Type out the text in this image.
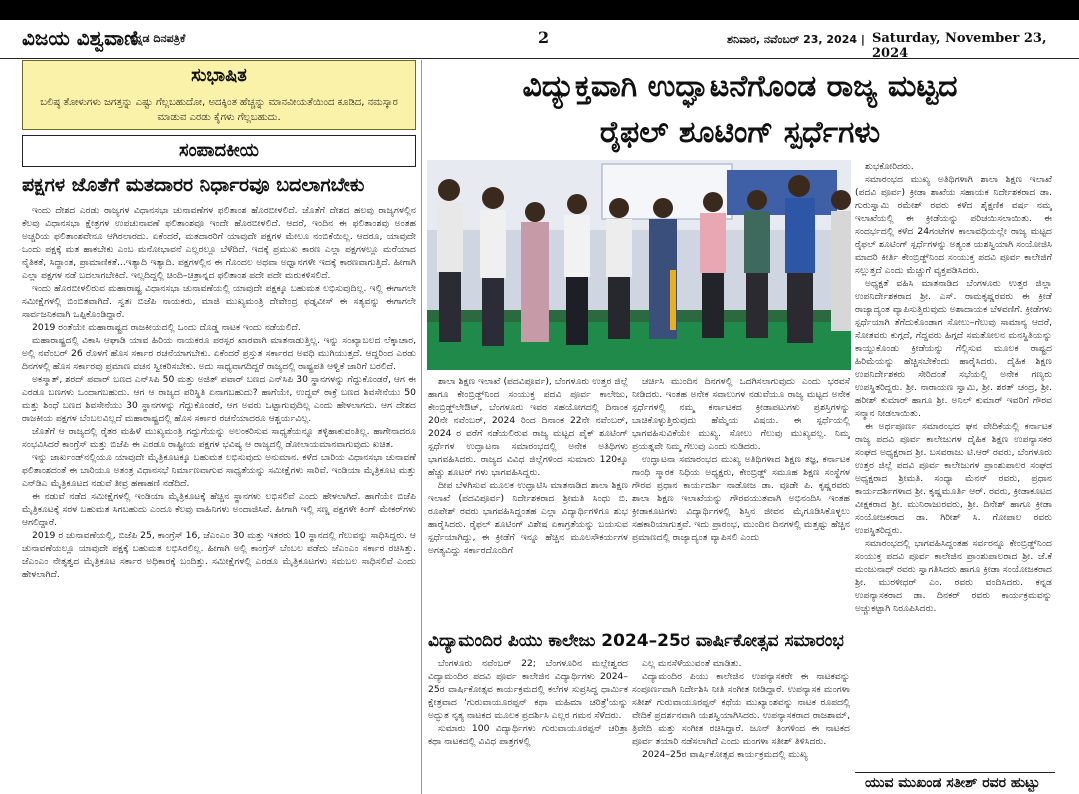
ವಿಜಯ ವಿಶ್ವವಾಣಿ
ಕನ್ನಡ ದಿನಪತ್ರಿಕೆ	2	ಶನಿವಾರ, ನವೆಂಬರ್ 23, 2024 | Saturday, November 23, 2024
ಸುಭಾಷಿತ
ಬಲಿಷ್ಠ ತೋಳುಗಳು ಜಗತ್ತನ್ನು ಎಷ್ಟು ಗೆಲ್ಲಬಹುದೋ, ಅದಕ್ಕಿಂತ ಹೆಚ್ಚನ್ನು ಮಾನವೀಯತೆಯಿಂದ ಕೂಡಿದ, ನಮಸ್ಕಾರ ಮಾಡುವ ಎರಡು ಕೈಗಳು ಗೆಲ್ಲಬಹುದು.
ಸಂಪಾದಕೀಯ
ಪಕ್ಷಗಳ ಜೊತೆಗೆ ಮತದಾರರ ನಿರ್ಧಾರವೂ ಬದಲಾಗಬೇಕು

ಇಂದು ದೇಶದ ಎರಡು ರಾಜ್ಯಗಳ ವಿಧಾನಸಭಾ ಚುನಾವಣೆಗಳ ಫಲಿತಾಂಶ ಹೊರಬೀಳಲಿದೆ. ಜೊತೆಗೆ ದೇಶದ ಹಲವು ರಾಜ್ಯಗಳಲ್ಲಿನ ಕೆಲವು ವಿಧಾನಸಭಾ ಕ್ಷೇತ್ರಗಳ ಉಪಚುನಾವಣೆ ಫಲಿತಾಂಶವೂ ಇಂದೇ ಹೊರಬೀಳಲಿದೆ. ಆದರೆ, ಇಂದಿನ ಈ ಫಲಿತಾಂಶವು ಅಂತಹ ಅಚ್ಚರಿಯ ಫಲಿತಾಂಶವೇನೂ ಆಗಿರಲಾರದು. ಏಕೆಂದರೆ, ಮತದಾರರಿಗೆ ಯಾವುದೇ ಪಕ್ಷಗಳ ಮೇಲೂ ನಂಬಿಕೆಯಿಲ್ಲ. ಆದರೂ, ಯಾವುದೇ ಒಂದು ಪಕ್ಷಕ್ಕೆ ಮತ ಹಾಕಬೇಕು ಎಂಬ ಮನೋಭಾವನೆ ಎಲ್ಲರಲ್ಲೂ ಬೆಳೆದಿದೆ. ಇದಕ್ಕೆ ಪ್ರಮುಖ ಕಾರಣ ಎಲ್ಲಾ ಪಕ್ಷಗಳಲ್ಲೂ ಮರೆಯಾದ ನೈತಿಕತೆ, ಸಿದ್ಧಾಂತ, ಪ್ರಾಮಾಣಿಕತೆ...ಇತ್ಯಾದಿ ಇತ್ಯಾದಿ. ಪಕ್ಷಗಳಲ್ಲಿನ ಈ ಗೊಂದಲ ಅಥವಾ ಅಧ್ವಾನಗಳೇ ಇದಕ್ಕೆ ಕಾರಣವಾಗುತ್ತಿದೆ. ಹೀಗಾಗಿ ಎಲ್ಲಾ ಪಕ್ಷಗಳ ನಡೆ ಬದಲಾಗಬೇಕಿದೆ. ಇಲ್ಲದಿದ್ದಲ್ಲಿ ಚಿಂದಿ–ಚಿತ್ರಾನ್ನದ ಫಲಿತಾಂಶ ಪದೇ ಪದೇ ಮರುಕಳಿಸಲಿದೆ.

ಇಂದು ಹೊರಬೀಳಲಿರುವ ಮಹಾರಾಷ್ಟ್ರ ವಿಧಾನಸಭಾ ಚುನಾವಣೆಯಲ್ಲಿ ಯಾವುದೇ ಪಕ್ಷಕ್ಕೂ ಬಹುಮತ ಲಭಿಸುವುದಿಲ್ಲ. ಇಲ್ಲಿ ಈಗಾಗಲೇ ಸಮೀಕ್ಷೆಗಳಲ್ಲಿ ಬಿಂಬಿತವಾಗಿದೆ. ಸ್ವತಃ ಬಿಜೆಪಿ ನಾಯಕರು, ಮಾಜಿ ಮುಖ್ಯಮಂತ್ರಿ ದೇವೇಂದ್ರ ಫಡ್ನವೀಸ್ ಈ ಸತ್ಯವನ್ನು ಈಗಾಗಲೇ ಸಾರ್ವಜನಿಕವಾಗಿ ಒಪ್ಪಿಕೊಂಡಿದ್ದಾರೆ.

2019 ರಂತೆಯೇ ಮಹಾರಾಷ್ಟ್ರದ ರಾಜಕೀಯದಲ್ಲಿ ಒಂದು ದೊಡ್ಡ ನಾಟಕ ಇಂದು ನಡೆಯಲಿದೆ.

ಮಹಾರಾಷ್ಟ್ರದಲ್ಲಿ ವಿಕಾಸಿ ಆಘಾಡಿ ಯಾವ ಹಿರಿಯ ನಾಯಕರೂ ಪರಸ್ಪರ ಖಾರವಾಗಿ ಮಾತನಾಡುತ್ತಿಲ್ಲ. ಇನ್ನು ಸಂಖ್ಯಾಬಲದ ಲೆಕ್ಕಾಚಾರ, ಅಲ್ಲಿ ನವೆಂಬರ್ 26 ರೊಳಗೆ ಹೊಸ ಸರ್ಕಾರ ರಚನೆಯಾಗಬೇಕು. ಏಕೆಂದರೆ ಪ್ರಸ್ತುತ ಸರ್ಕಾರದ ಅವಧಿ ಮುಗಿಯುತ್ತದೆ. ಆದ್ದರಿಂದ ಎರಡು ದಿನಗಳಲ್ಲಿ ಹೊಸ ಸರ್ಕಾರವು ಪ್ರಮಾಣ ವಚನ ಸ್ವೀಕರಿಸಬೇಕು. ಅದು ಸಾಧ್ಯವಾಗದಿದ್ದರೆ ರಾಜ್ಯದಲ್ಲಿ ರಾಷ್ಟ್ರಪತಿ ಆಳ್ವಿಕೆ ಜಾರಿಗೆ ಬರಲಿದೆ.

ಅಕಸ್ಮಾತ್, ಶರದ್ ಪವಾರ್ ಬಣದ ಎನ್‌ಸಿಪಿ 50 ಮತ್ತು ಅಜಿತ್ ಪವಾರ್ ಬಣದ ಎನ್‌ಸಿಪಿ 30 ಸ್ಥಾನಗಳನ್ನು ಗೆದ್ದುಕೊಂಡರೆ, ಆಗ ಈ ಎರಡೂ ಬಣಗಳು ಒಂದಾಗಬಹುದು. ಆಗ ಆ ರಾಜ್ಯದ ಪರಿಸ್ಥಿತಿ ಏನಾಗಬಹುದು? ಹಾಗೆಯೇ, ಉದ್ಧವ್ ಠಾಕ್ರೆ ಬಣದ ಶಿವಸೇನೆಯು 50 ಮತ್ತು ಶಿಂಧೆ ಬಣದ ಶಿವಸೇನೆಯು 30 ಸ್ಥಾನಗಳನ್ನು ಗೆದ್ದುಕೊಂಡರೆ, ಆಗ ಅವರು ಒಟ್ಟಾಗುವುದಿಲ್ಲ ಎಂದು ಹೇಳಲಾಗದು. ಆಗ ದೇಶದ ರಾಜಕೀಯ ಪಕ್ಷಗಳ ಬೆಂಬಲವಿಲ್ಲದೆ ಮಹಾರಾಷ್ಟ್ರದಲ್ಲಿ ಹೊಸ ಸರ್ಕಾರ ರಚನೆಯಾದರೂ ಆಶ್ಚರ್ಯವಿಲ್ಲ.

ಜೊತೆಗೆ ಆ ರಾಜ್ಯದಲ್ಲಿ ರೈತರ ಮಹಿಳೆ ಮುಖ್ಯಮಂತ್ರಿ ಗದ್ದುಗೆಯನ್ನು ಅಲಂಕರಿಸುವ ಸಾಧ್ಯತೆಯನ್ನೂ ತಳ್ಳಿಹಾಕುವಂತಿಲ್ಲ. ಹಾಗೇನಾದರೂ ಸಂಭವಿಸಿದರೆ ಕಾಂಗ್ರೆಸ್ ಮತ್ತು ಬಿಜೆಪಿ ಈ ಎರಡೂ ರಾಷ್ಟ್ರೀಯ ಪಕ್ಷಗಳ ಭವಿಷ್ಯ ಆ ರಾಜ್ಯದಲ್ಲಿ ಡೋಲಾಯಮಾನವಾಗುವುದು ಖಚಿತ.

ಇನ್ನು ಜಾರ್ಖಂಡ್‌ನಲ್ಲಿಯೂ ಯಾವುದೇ ಮೈತ್ರಿಕೂಟಕ್ಕೂ ಬಹುಮತ ಲಭಿಸುವುದು ಅನುಮಾನ. ಕಳೆದ ಬಾರಿಯ ವಿಧಾನಸಭಾ ಚುನಾವಣೆ ಫಲಿತಾಂಶದಂತೆ ಈ ಬಾರಿಯೂ ಅತಂತ್ರ ವಿಧಾನಸಭೆ ನಿರ್ಮಾಣವಾಗುವ ಸಾಧ್ಯತೆಯನ್ನು ಸಮೀಕ್ಷೆಗಳು ಸಾರಿವೆ. ಇಂಡಿಯಾ ಮೈತ್ರಿಕೂಟ ಮತ್ತು ಎನ್‌ಡಿಎ ಮೈತ್ರಿಕೂಟದ ನಡುವೆ ತೀವ್ರ ಹಣಾಹಣಿ ನಡೆದಿದೆ.

ಈ ನಡುವೆ ನಡೆದ ಸಮೀಕ್ಷೆಗಳಲ್ಲಿ ಇಂಡಿಯಾ ಮೈತ್ರಿಕೂಟಕ್ಕೆ ಹೆಚ್ಚಿನ ಸ್ಥಾನಗಳು ಲಭಿಸಲಿವೆ ಎಂದು ಹೇಳಲಾಗಿದೆ. ಹಾಗೆಯೇ ಬಿಜೆಪಿ ಮೈತ್ರಿಕೂಟಕ್ಕೆ ಸರಳ ಬಹುಮತ ಸಿಗಬಹುದು ಎಂದೂ ಕೆಲವು ವಾಹಿನಿಗಳು ಅಂದಾಜಿಸಿವೆ. ಹೀಗಾಗಿ ಇಲ್ಲಿ ಸಣ್ಣ ಪಕ್ಷಗಳೇ ಕಿಂಗ್ ಮೇಕರ್‌ಗಳು ಆಗಲಿದ್ದಾರೆ.

2019 ರ ಚುನಾವಣೆಯಲ್ಲಿ, ಬಿಜೆಪಿ 25, ಕಾಂಗ್ರೆಸ್ 16, ಜೆಎಂಎಂ 30 ಮತ್ತು ಇತರರು 10 ಸ್ಥಾನದಲ್ಲಿ ಗೆಲುವನ್ನು ಸಾಧಿಸಿದ್ದರು. ಆ ಚುನಾವಣೆಯಲ್ಲೂ ಯಾವುದೇ ಪಕ್ಷಕ್ಕೆ ಬಹುಮತ ಲಭಿಸಿರಲಿಲ್ಲ. ಹೀಗಾಗಿ ಅಲ್ಲಿ ಕಾಂಗ್ರೆಸ್ ಬೆಂಬಲ ಪಡೆದು ಜೆಎಂಎಂ ಸರ್ಕಾರ ರಚಿಸಿತ್ತು. ಜೆಎಂಎಂ ನೇತೃತ್ವದ ಮೈತ್ರಿಕೂಟ ಸರ್ಕಾರ ಅಧಿಕಾರಕ್ಕೆ ಬಂದಿತ್ತು. ಸಮೀಕ್ಷೆಗಳಲ್ಲಿ ಎರಡೂ ಮೈತ್ರಿಕೂಟಗಳು ಸಮಬಲ ಸಾಧಿಸಲಿವೆ ಎಂದು ಹೇಳಲಾಗಿದೆ.

ವಿದ್ಯುಕ್ತವಾಗಿ ಉದ್ಘಾಟನೆಗೊಂಡ ರಾಜ್ಯ ಮಟ್ಟದ
ರೈಫಲ್ ಶೂಟಿಂಗ್ ಸ್ಪರ್ಧೆಗಳು

ಶಾಲಾ ಶಿಕ್ಷಣ ಇಲಾಖೆ (ಪದವಿಪೂರ್ವ), ಬೆಂಗಳೂರು ಉತ್ತರ ಜಿಲ್ಲೆ ಹಾಗೂ ಕೇಂಬ್ರಿಡ್ಜ್‌ನಿಂದ ಸಂಯುಕ್ತ ಪದವಿ ಪೂರ್ವ ಕಾಲೇಜು, ಕೇಂಬ್ರಿಡ್ಜ್‌ಲೇಔಟ್, ಬೆಂಗಳೂರು ಇವರ ಸಹಯೋಗದಲ್ಲಿ ದಿನಾಂಕ 20ನೇ ನವೆಂಬರ್, 2024 ರಿಂದ ದಿನಾಂಕ 22ನೇ ನವೆಂಬರ್, 2024 ರ ವರೆಗೆ ನಡೆಯಲಿರುವ ರಾಜ್ಯ ಮಟ್ಟದ ಪೈಕ್ ಶೂಟಿಂಗ್ ಸ್ಪರ್ಧೆಗಳ ಉದ್ಘಾಟನಾ ಸಮಾರಂಭದಲ್ಲಿ ಅನೇಕ ಅತಿಥಿಗಳು ಭಾಗವಹಿಸಿದರು. ರಾಜ್ಯದ ವಿವಿಧ ಜಿಲ್ಲೆಗಳಿಂದ ಸುಮಾರು 120ಕ್ಕೂ ಹೆಚ್ಚು ಶೂಟರ್ ಗಳು ಭಾಗವಹಿಸಿದ್ದರು.

ದೀಪ ಬೆಳಗಿಸುವ ಮೂಲಕ ಉದ್ಘಾಟಿಸಿ ಮಾತನಾಡಿದ ಶಾಲಾ ಶಿಕ್ಷಣ ಇಲಾಖೆ (ಪದವಿಪೂರ್ವ) ನಿರ್ದೇಶಕರಾದ ಶ್ರೀಮತಿ ಸಿಂಧು ಬಿ. ರೂಪೇಶ್ ರವರು ಭಾಗವಹಿಸಿದ್ದಂತಹ ಎಲ್ಲಾ ವಿದ್ಯಾರ್ಥಿಗಳಿಗೂ ಶುಭ ಹಾರೈಸಿದರು. ರೈಫಲ್ ಶೂಟಿಂಗ್ ವಿಶೇಷ ಏಕಾಗ್ರತೆಯನ್ನು ಬಯಸುವ ಸ್ಪರ್ಧೆಯಾಗಿದ್ದು, ಈ ಕ್ರೀಡೆಗೆ ಇನ್ನೂ ಹೆಚ್ಚಿನ ಮೂಲಸೌಕರ್ಯಗಳ ಅಗತ್ಯವಿದ್ದು ಸರ್ಕಾರದೊಂದಿಗೆ

ಚರ್ಚಿಸಿ ಮುಂದಿನ ದಿನಗಳಲ್ಲಿ ಒದಗಿಸಲಾಗುವುದು ಎಂದು ಭರವಸೆ ನೀಡಿದರು. ಇಂತಹ ಅನೇಕ ಸವಾಲುಗಳ ನಡುವೆಯೂ ರಾಜ್ಯ ಮಟ್ಟದ ಅನೇಕ ಸ್ಪರ್ಧೆಗಳಲ್ಲಿ ನಮ್ಮ ಕರ್ನಾಟಕದ ಕ್ರೀಡಾಪಟುಗಳು ಪ್ರಶಸ್ತಿಗಳನ್ನು ಬಾಚಿಕೊಳ್ಳುತ್ತಿರುವುದು ಹೆಮ್ಮೆಯ ವಿಷಯ. ಈ ಸ್ಪರ್ಧೆಯಲ್ಲಿ ಭಾಗವಹಿಸುವಿಕೆಯೇ ಮುಖ್ಯ. ಸೋಲು ಗೆಲುವು ಮುಖ್ಯವಲ್ಲ. ನಿಮ್ಮ ಪ್ರಯತ್ನವೇ ನಿಮ್ಮ ಗೆಲುವು ಎಂದು ನುಡಿದರು.

ಉದ್ಘಾಟನಾ ಸಮಾರಂಭದ ಮುಖ್ಯ ಅತಿಥಿಗಳಾದ ಶಿಕ್ಷಣ ತಜ್ಞ, ಕರ್ನಾಟಕ ಗಾಂಧಿ ಸ್ಮಾರಕ ನಿಧಿಯ ಅಧ್ಯಕ್ಷರು, ಕೇಂಬ್ರಿಡ್ಜ್ ಸಮೂಹ ಶಿಕ್ಷಣ ಸಂಸ್ಥೆಗಳ ಗೌರವ ಪ್ರಧಾನ ಕಾರ್ಯದರ್ಶಿ ನಾಡೋಜ ಡಾ. ವೂಡೇ ಪಿ. ಕೃಷ್ಣರವರು ಶಾಲಾ ಶಿಕ್ಷಣ ಇಲಾಖೆಯನ್ನು ಗೌರವಯುತವಾಗಿ ಅಭಿನಂದಿಸಿ ಇಂತಹ ಕ್ರೀಡಾಕೂಟಗಳು ವಿದ್ಯಾರ್ಥಿಗಳಲ್ಲಿ ಶಿಸ್ತಿನ ಜೀವನ ಮೈಗೂಡಿಸಿಕೊಳ್ಳಲು ಸಹಕಾರಿಯಾಗುತ್ತವೆ. ಇದು ಪ್ರಾರಂಭ, ಮುಂದಿನ ದಿನಗಳಲ್ಲಿ ಮತ್ತಷ್ಟು ಹೆಚ್ಚಿನ ಪ್ರಮಾಣದಲ್ಲಿ ರಾಜ್ಯಾದ್ಯಂತ ವ್ಯಾಪಿಸಲಿ ಎಂದು

ಶುಭಕೋರಿದರು.

ಸಮಾರಂಭದ ಮುಖ್ಯ ಅತಿಥಿಗಳಾಗಿ ಶಾಲಾ ಶಿಕ್ಷಣ ಇಲಾಖೆ (ಪದವಿ ಪೂರ್ವ) ಕ್ರೀಡಾ ಶಾಖೆಯ ಸಹಾಯಕ ನಿರ್ದೇಶಕರಾದ ಡಾ. ಗುರುಸ್ವಾಮಿ ರಮೇಶ್ ರವರು ಕಳೆದ ಶೈಕ್ಷಣಿಕ ವರ್ಷ ನಮ್ಮ ಇಲಾಖೆಯಲ್ಲಿ ಈ ಕ್ರೀಡೆಯನ್ನು ಪರಿಚಯಿಸಲಾಯಿತು. ಈ ಸಂದರ್ಭದಲ್ಲಿ ಕಳೆದ 24ಗಂಟೆಗಳ ಕಾಲಾವಧಿಯಲ್ಲೇ ರಾಜ್ಯ ಮಟ್ಟದ ರೈಫಲ್ ಶೂಟಿಂಗ್ ಸ್ಪರ್ಧೆಗಳನ್ನು ಅತ್ಯಂತ ಯಶಸ್ವಿಯಾಗಿ ಸಂಯೋಜಿಸಿ ಮಾದರಿ ಕೀರ್ತಿ ಕೇಂಬ್ರಿಡ್ಜ್‌ನಿಂದ ಸಂಯುಕ್ತ ಪದವಿ ಪೂರ್ವ ಕಾಲೇಜಿಗೆ ಸಲ್ಲುತ್ತದೆ ಎಂದು ಮೆಚ್ಚುಗೆ ವ್ಯಕ್ತಪಡಿಸಿದರು.

ಅಧ್ಯಕ್ಷತೆ ವಹಿಸಿ ಮಾತನಾಡಿದ ಬೆಂಗಳೂರು ಉತ್ತರ ಜಿಲ್ಲಾ ಉಪನಿರ್ದೇಶಕರಾದ ಶ್ರೀ. ಎಸ್. ರಾಮಕೃಷ್ಣರವರು ಈ ಕ್ರೀಡೆ ರಾಜ್ಯಾದ್ಯಂತ ವ್ಯಾಪಿಸುತ್ತಿರುವುದು ಅಶಾದಾಯಕ ಬೆಳವಣಿಗೆ. ಕ್ರೀಡೆಗಳು ಸ್ಪರ್ಧೆಯಾಗಿ ತೆಗೆದುಕೊಂಡಾಗ ಸೋಲು–ಗೆಲುವು ಸಾಮಾನ್ಯ ಆದರೆ, ಸೋತವರು ಕುಗ್ಗದೆ, ಗೆದ್ದವರು ಹಿಗ್ಗದೆ ಸಮತೋಲನ ಮನಸ್ಥಿತಿಯನ್ನು ಕಾಯ್ದುಕೊಂಡು ಕ್ರೀಡೆಯನ್ನು ಗೆಲ್ಲಿಸುವ ಮೂಲಕ ರಾಷ್ಟ್ರದ ಹಿರಿಮೆಯನ್ನು ಹೆಚ್ಚಿಸಬೇಕೆಂದು ಹಾರೈಸಿದರು. ದೈಹಿಕ ಶಿಕ್ಷಣ ಉಪನಿರ್ದೇಶಕರು ಸೇರಿದಂತೆ ಸಭೆಯಲ್ಲಿ ಅನೇಕ ಗಣ್ಯರು ಉಪಸ್ಥಿತರಿದ್ದರು. ಶ್ರೀ. ನಾರಾಯಣ ಸ್ವಾಮಿ, ಶ್ರೀ. ಶರತ್ ಚಂದ್ರ, ಶ್ರೀ. ಹರೀಶ್ ಕುಮಾರ್ ಹಾಗೂ ಶ್ರೀ. ಅನಿಲ್ ಕುಮಾರ್ ಇವರಿಗೆ ಗೌರವ ಸನ್ಮಾನ ನೀಡಲಾಯಿತು.

ಈ ಅರ್ಥಪೂರ್ಣ ಸಮಾರಂಭದ ಘನ ವೇದಿಕೆಯಲ್ಲಿ ಕರ್ನಾಟಕ ರಾಜ್ಯ ಪದವಿ ಪೂರ್ವ ಕಾಲೇಜುಗಳ ದೈಹಿಕ ಶಿಕ್ಷಣ ಉಪನ್ಯಾಸಕರ ಸಂಘದ ಅಧ್ಯಕ್ಷರಾದ ಶ್ರೀ. ಬಸವರಾಜು ಟಿ.ಆರ್ ರವರು, ಬೆಂಗಳೂರು ಉತ್ತರ ಜಿಲ್ಲೆ ಪದವಿ ಪೂರ್ವ ಕಾಲೇಜುಗಳ ಪ್ರಾಂಶುಪಾಲರ ಸಂಘದ ಅಧ್ಯಕ್ಷರಾದ ಶ್ರೀಮತಿ. ಸಂಧ್ಯಾ ಮೆನನ್ ರವರು, ಪ್ರಧಾನ ಕಾರ್ಯದರ್ಶಿಗಳಾದ ಶ್ರೀ. ಕೃಷ್ಣಮೂರ್ತಿ ಆರ್. ರವರು, ಕ್ರೀಡಾಕೂಟದ ವೀಕ್ಷಕರಾದ ಶ್ರೀ. ಮುನಿರಾಜುರವರು, ಶ್ರೀ. ದಿನೇಶ್ ಹಾಗೂ ಕ್ರೀಡಾ ಸಂಯೋಜಕರಾದ ಡಾ. ಗಿರೀಶ್ ಸಿ. ಗೋಪಾಲ ರವರು ಉಪಸ್ಥಿತರಿದ್ದರು.

ಸಮಾರಂಭದಲ್ಲಿ ಭಾಗವಹಿಸಿದ್ದಂತಹ ಸರ್ವರನ್ನೂ ಕೇಂಬ್ರಿಡ್ಜ್‌ನಿಂದ ಸಂಯುಕ್ತ ಪದವಿ ಪೂರ್ವ ಕಾಲೇಜಿನ ಪ್ರಾಂಶುಪಾಲರಾದ ಶ್ರೀ. ಜೆ.ಕೆ ಮಂಜುನಾಥ್ ರವರು ಸ್ವಾಗತಿಸಿದರು ಹಾಗೂ ಕ್ರೀಡಾ ಸಂಯೋಜಕರಾದ ಶ್ರೀ. ಮುರಳೀಧರ್ ಎಂ. ರವರು ವಂದಿಸಿದರು. ಕನ್ನಡ ಉಪನ್ಯಾಸಕರಾದ ಡಾ. ದಿನಕರ್ ರವರು ಕಾರ್ಯಕ್ರಮವನ್ನು ಅಚ್ಚುಕಟ್ಟಾಗಿ ನಿರೂಪಿಸಿದರು.

ವಿದ್ಯಾಮಂದಿರ ಪಿಯು ಕಾಲೇಜು 2024–25ರ ವಾರ್ಷಿಕೋತ್ಸವ ಸಮಾರಂಭ

ಬೆಂಗಳೂರು ನವೆಂಬರ್ 22; ಬೆಂಗಳೂರಿನ ಮಲ್ಲೇಶ್ವರದ ವಿದ್ಯಾಮಂದಿರ ಪದವಿ ಪೂರ್ವ ಕಾಲೇಜಿನ ವಿದ್ಯಾರ್ಥಿಗಳು 2024–25ರ ವಾರ್ಷಿಕೋತ್ಸವ ಕಾರ್ಯಕ್ರಮದಲ್ಲಿ ಕಲೆಗಳ ಸುಪ್ರಸಿದ್ಧ ಧಾರ್ಮಿಕ ಕ್ಷೇತ್ರವಾದ 'ಗುರುವಾಯೂರಪ್ಪನ್ ಕಥಾ ಮಹಿಮಾ ಚರಿತ್ರೆ'ಯನ್ನು ಅದ್ಭುತ ನೃತ್ಯ ನಾಟಕದ ಮೂಲಕ ಪ್ರದರ್ಶಿಸಿ ಎಲ್ಲರ ಗಮನ ಸೆಳೆದರು.

ಸುಮಾರು 100 ವಿದ್ಯಾರ್ಥಿಗಳು ಗುರುವಾಯೂರಪ್ಪನ್ ಚರಿತ್ರಾ ಕಥಾ ನಾಟಕದಲ್ಲಿ ವಿವಿಧ ಪಾತ್ರಗಳಲ್ಲಿ

ಎಲ್ಲ ಮನಸೆಳೆಯುವಂತೆ ಮಾಡಿತು.

ವಿದ್ಯಾಮಂದಿರ ಪಿಯು ಕಾಲೇಜಿನ ಉಪನ್ಯಾಸಕರೇ ಈ ನಾಟಕವನ್ನು ಸಂಪೂರ್ಣವಾಗಿ ನಿರ್ದೇಶಿಸಿ ನೀತಿ ಸಂಗೀತ ನೀಡಿದ್ದಾರೆ. ಉಪನ್ಯಾಸಕ ಮಂಗಳಾ ಸತೀಶ್ ಗುರುವಾಯೂರಪ್ಪನ್ ಕಥೆಯ ಮುಖ್ಯಾಂಶವನ್ನು ನಾಟಕ ರೂಪದಲ್ಲಿ ವೇದಿಕೆ ಪ್ರದರ್ಶನವಾಗಿ ಯಶಸ್ವಿಯಾಗಿಸಿದರು. ಉಪನ್ಯಾಸಕರಾದ ರಾಜಶಾಮ್, ತ್ರಿವೇದಿ ಮತ್ತು ಸಂಗೀತ ರಚಿಸಿದ್ದಾರೆ. ಜೂನ್ ತಿಂಗಳಿಂದ ಈ ನಾಟಕದ ಪೂರ್ವ ತಯಾರಿ ನಡೆಸಲಾಗಿದೆ ಎಂದು ಮಂಗಳಾ ಸತೀಶ್ ತಿಳಿಸಿದರು.

2024–25ರ ವಾರ್ಷಿಕೋತ್ಸವ ಕಾರ್ಯಕ್ರಮದಲ್ಲಿ ಮುಖ್ಯ

ಯುವ ಮುಖಂಡ ಸತೀಶ್ ರವರ ಹುಟ್ಟು
